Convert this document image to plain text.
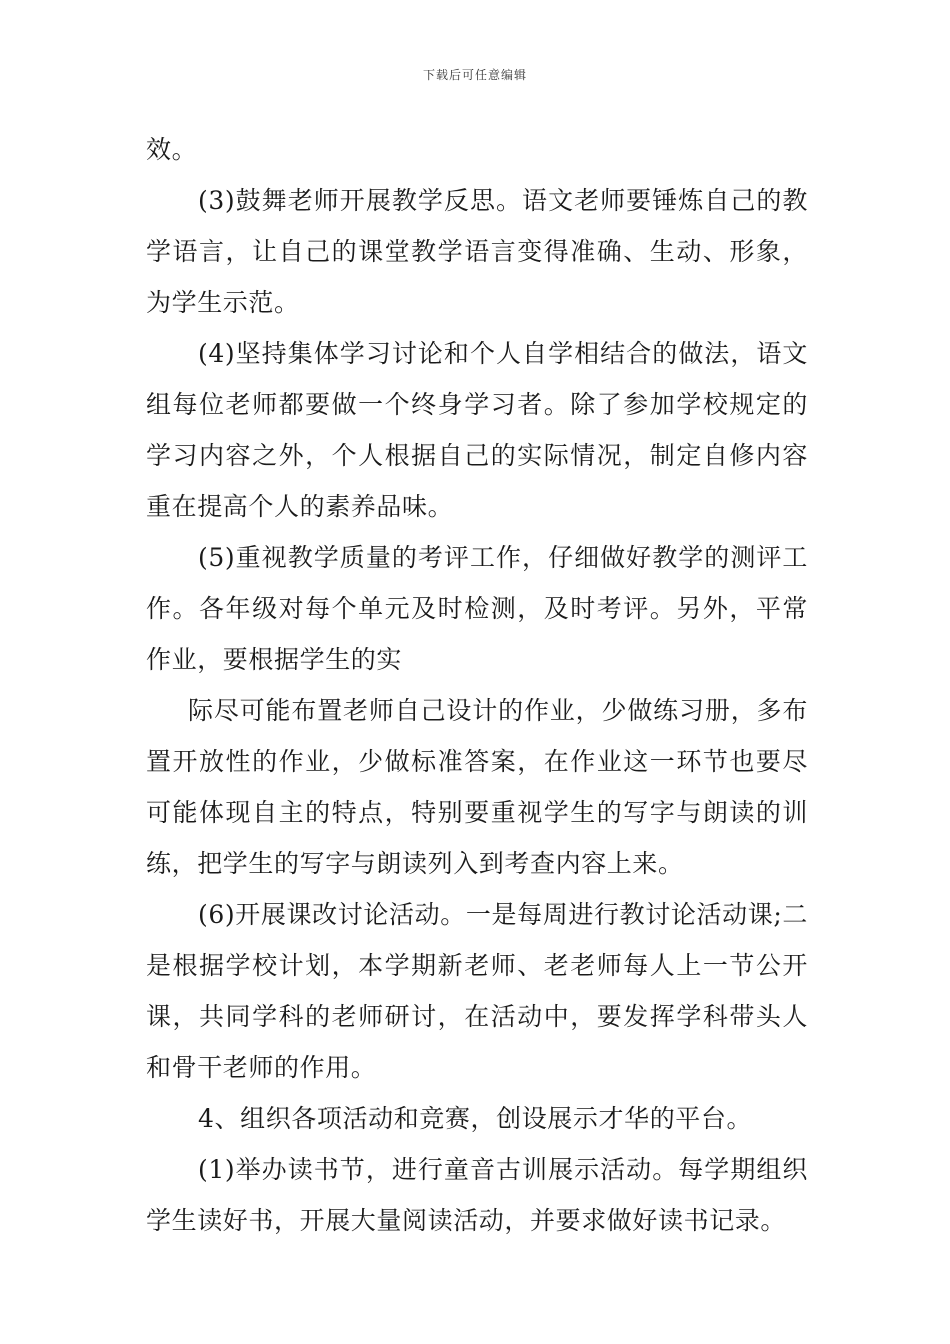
下载后可任意编辑

效。

(3)鼓舞老师开展教学反思。语文老师要锤炼自己的教学语言，让自己的课堂教学语言变得准确、生动、形象，为学生示范。

(4)坚持集体学习讨论和个人自学相结合的做法，语文组每位老师都要做一个终身学习者。除了参加学校规定的学习内容之外，个人根据自己的实际情况，制定自修内容重在提高个人的素养品味。

(5)重视教学质量的考评工作，仔细做好教学的测评工作。各年级对每个单元及时检测，及时考评。另外，平常作业，要根据学生的实

际尽可能布置老师自己设计的作业，少做练习册，多布置开放性的作业，少做标准答案，在作业这一环节也要尽可能体现自主的特点，特别要重视学生的写字与朗读的训练，把学生的写字与朗读列入到考查内容上来。

(6)开展课改讨论活动。一是每周进行教讨论活动课;二是根据学校计划，本学期新老师、老老师每人上一节公开课，共同学科的老师研讨，在活动中，要发挥学科带头人和骨干老师的作用。

4、组织各项活动和竞赛，创设展示才华的平台。

(1)举办读书节，进行童音古训展示活动。每学期组织学生读好书，开展大量阅读活动，并要求做好读书记录。
